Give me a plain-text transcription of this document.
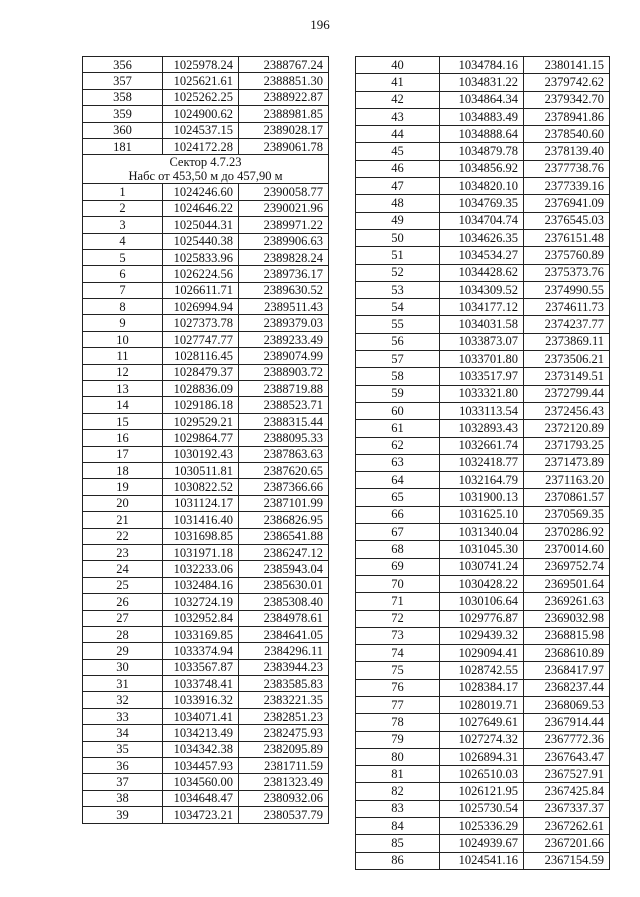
196
356	1025978.24	2388767.24
357	1025621.61	2388851.30
358	1025262.25	2388922.87
359	1024900.62	2388981.85
360	1024537.15	2389028.17
181	1024172.28	2389061.78
Сектор 4.7.23		
Набс от 453,50 м до 457,90 м		
1	1024246.60	2390058.77
2	1024646.22	2390021.96
3	1025044.31	2389971.22
4	1025440.38	2389906.63
5	1025833.96	2389828.24
6	1026224.56	2389736.17
7	1026611.71	2389630.52
8	1026994.94	2389511.43
9	1027373.78	2389379.03
10	1027747.77	2389233.49
11	1028116.45	2389074.99
12	1028479.37	2388903.72
13	1028836.09	2388719.88
14	1029186.18	2388523.71
15	1029529.21	2388315.44
16	1029864.77	2388095.33
17	1030192.43	2387863.63
18	1030511.81	2387620.65
19	1030822.52	2387366.66
20	1031124.17	2387101.99
21	1031416.40	2386826.95
22	1031698.85	2386541.88
23	1031971.18	2386247.12
24	1032233.06	2385943.04
25	1032484.16	2385630.01
26	1032724.19	2385308.40
27	1032952.84	2384978.61
28	1033169.85	2384641.05
29	1033374.94	2384296.11
30	1033567.87	2383944.23
31	1033748.41	2383585.83
32	1033916.32	2383221.35
33	1034071.41	2382851.23
34	1034213.49	2382475.93
35	1034342.38	2382095.89
36	1034457.93	2381711.59
37	1034560.00	2381323.49
38	1034648.47	2380932.06
39	1034723.21	2380537.79
40	1034784.16	2380141.15
41	1034831.22	2379742.62
42	1034864.34	2379342.70
43	1034883.49	2378941.86
44	1034888.64	2378540.60
45	1034879.78	2378139.40
46	1034856.92	2377738.76
47	1034820.10	2377339.16
48	1034769.35	2376941.09
49	1034704.74	2376545.03
50	1034626.35	2376151.48
51	1034534.27	2375760.89
52	1034428.62	2375373.76
53	1034309.52	2374990.55
54	1034177.12	2374611.73
55	1034031.58	2374237.77
56	1033873.07	2373869.11
57	1033701.80	2373506.21
58	1033517.97	2373149.51
59	1033321.80	2372799.44
60	1033113.54	2372456.43
61	1032893.43	2372120.89
62	1032661.74	2371793.25
63	1032418.77	2371473.89
64	1032164.79	2371163.20
65	1031900.13	2370861.57
66	1031625.10	2370569.35
67	1031340.04	2370286.92
68	1031045.30	2370014.60
69	1030741.24	2369752.74
70	1030428.22	2369501.64
71	1030106.64	2369261.63
72	1029776.87	2369032.98
73	1029439.32	2368815.98
74	1029094.41	2368610.89
75	1028742.55	2368417.97
76	1028384.17	2368237.44
77	1028019.71	2368069.53
78	1027649.61	2367914.44
79	1027274.32	2367772.36
80	1026894.31	2367643.47
81	1026510.03	2367527.91
82	1026121.95	2367425.84
83	1025730.54	2367337.37
84	1025336.29	2367262.61
85	1024939.67	2367201.66
86	1024541.16	2367154.59
